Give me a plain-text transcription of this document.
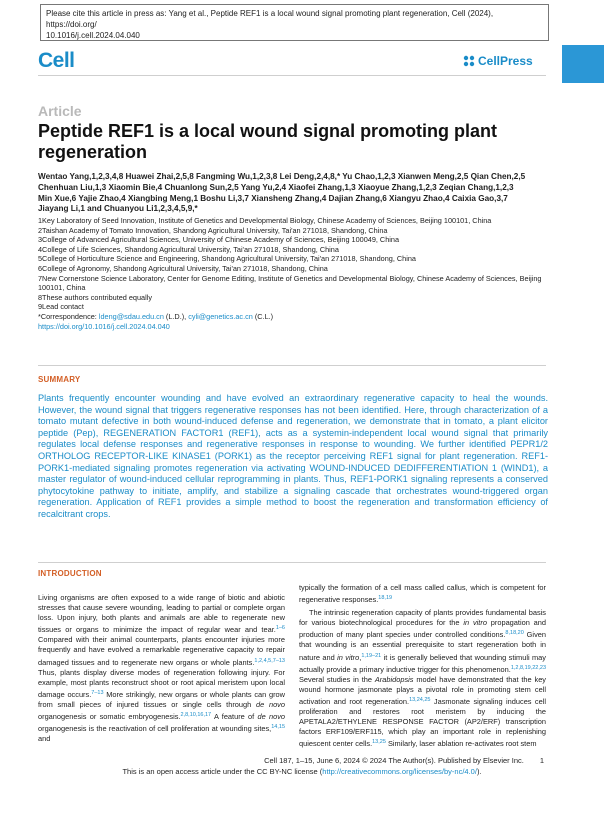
Please cite this article in press as: Yang et al., Peptide REF1 is a local wound signal promoting plant regeneration, Cell (2024), https://doi.org/
10.1016/j.cell.2024.04.040
Cell	CellPress
Article
Peptide REF1 is a local wound signal promoting plant regeneration
Wentao Yang,1,2,3,4,8 Huawei Zhai,2,5,8 Fangming Wu,1,2,3,8 Lei Deng,2,4,8,* Yu Chao,1,2,3 Xianwen Meng,2,5 Qian Chen,2,5
Chenhuan Liu,1,3 Xiaomin Bie,4 Chuanlong Sun,2,5 Yang Yu,2,4 Xiaofei Zhang,1,3 Xiaoyue Zhang,1,2,3 Zeqian Chang,1,2,3
Min Xue,6 Yajie Zhao,4 Xiangbing Meng,1 Boshu Li,3,7 Xiansheng Zhang,4 Dajian Zhang,6 Xiangyu Zhao,4 Caixia Gao,3,7
Jiayang Li,1 and Chuanyou Li1,2,3,4,5,9,*
1Key Laboratory of Seed Innovation, Institute of Genetics and Developmental Biology, Chinese Academy of Sciences, Beijing 100101, China
2Taishan Academy of Tomato Innovation, Shandong Agricultural University, Tai'an 271018, Shandong, China
3College of Advanced Agricultural Sciences, University of Chinese Academy of Sciences, Beijing 100049, China
4College of Life Sciences, Shandong Agricultural University, Tai'an 271018, Shandong, China
5College of Horticulture Science and Engineering, Shandong Agricultural University, Tai'an 271018, Shandong, China
6College of Agronomy, Shandong Agricultural University, Tai'an 271018, Shandong, China
7New Cornerstone Science Laboratory, Center for Genome Editing, Institute of Genetics and Developmental Biology, Chinese Academy of Sciences, Beijing 100101, China
8These authors contributed equally
9Lead contact
*Correspondence: ldeng@sdau.edu.cn (L.D.), cyli@genetics.ac.cn (C.L.)
https://doi.org/10.1016/j.cell.2024.04.040
SUMMARY
Plants frequently encounter wounding and have evolved an extraordinary regenerative capacity to heal the wounds. However, the wound signal that triggers regenerative responses has not been identified. Here, through characterization of a tomato mutant defective in both wound-induced defense and regeneration, we demonstrate that in tomato, a plant elicitor peptide (Pep), REGENERATION FACTOR1 (REF1), acts as a systemin-independent local wound signal that primarily regulates local defense responses and regenerative responses in response to wounding. We further identified PEPR1/2 ORTHOLOG RECEPTOR-LIKE KINASE1 (PORK1) as the receptor perceiving REF1 signal for plant regeneration. REF1-PORK1-mediated signaling promotes regeneration via activating WOUND-INDUCED DEDIFFERENTIATION 1 (WIND1), a master regulator of wound-induced cellular reprogramming in plants. Thus, REF1-PORK1 signaling represents a conserved phytocytokine pathway to initiate, amplify, and stabilize a signaling cascade that orchestrates wound-triggered organ regeneration. Application of REF1 provides a simple method to boost the regeneration and transformation efficiency of recalcitrant crops.
INTRODUCTION

Living organisms are often exposed to a wide range of biotic and abiotic stresses that cause severe wounding, leading to partial or complete organ loss. Upon injury, both plants and animals are able to regenerate new tissues or organs to minimize the impact of regular wear and tear.$^{1-6}$ Compared with their animal counterparts, plants encounter injuries more frequently and have evolved a remarkable regenerative capacity to repair damaged tissues and to regenerate new organs or whole plants.$^{1,2,4,5,7-13}$ Thus, plants display diverse modes of regeneration following injury. For example, most plants reconstruct shoot or root apical meristem upon local damage occurs.$^{7-13}$ More strikingly, new organs or whole plants can grow from small pieces of injured tissues or single cells through de novo organogenesis or somatic embryogenesis.$^{2,8,10,16,17}$ A feature of de novo organogenesis is the reactivation of cell proliferation at wounding sites,$^{14,15}$ and

typically the formation of a cell mass called callus, which is competent for regenerative responses.$^{18,19}$

The intrinsic regeneration capacity of plants provides fundamental basis for various biotechnological procedures for the in vitro propagation and production of many plant species under controlled conditions.$^{8,18,20}$ Given that wounding is an essential prerequisite to start regeneration both in nature and in vitro,$^{1,19-21}$ it is generally believed that wounding stimuli may actually provide a primary inductive trigger for this phenomenon.$^{1,2,8,19,22,23}$ Several studies in the Arabidopsis model have demonstrated that the key wound hormone jasmonate plays a pivotal role in promoting stem cell activation and root regeneration.$^{13,24,25}$ Jasmonate signaling induces cell proliferation and restores root meristem by inducing the APETALA2/ETHYLENE RESPONSE FACTOR (AP2/ERF) transcription factors ERF109/ERF115, which play an important role in replenishing quiescent center cells.$^{13,25}$ Similarly, laser ablation re-activates root stem

Cell 187, 1–15, June 6, 2024 © 2024 The Author(s). Published by Elsevier Inc. 1
This is an open access article under the CC BY-NC license (http://creativecommons.org/licenses/by-nc/4.0/).
